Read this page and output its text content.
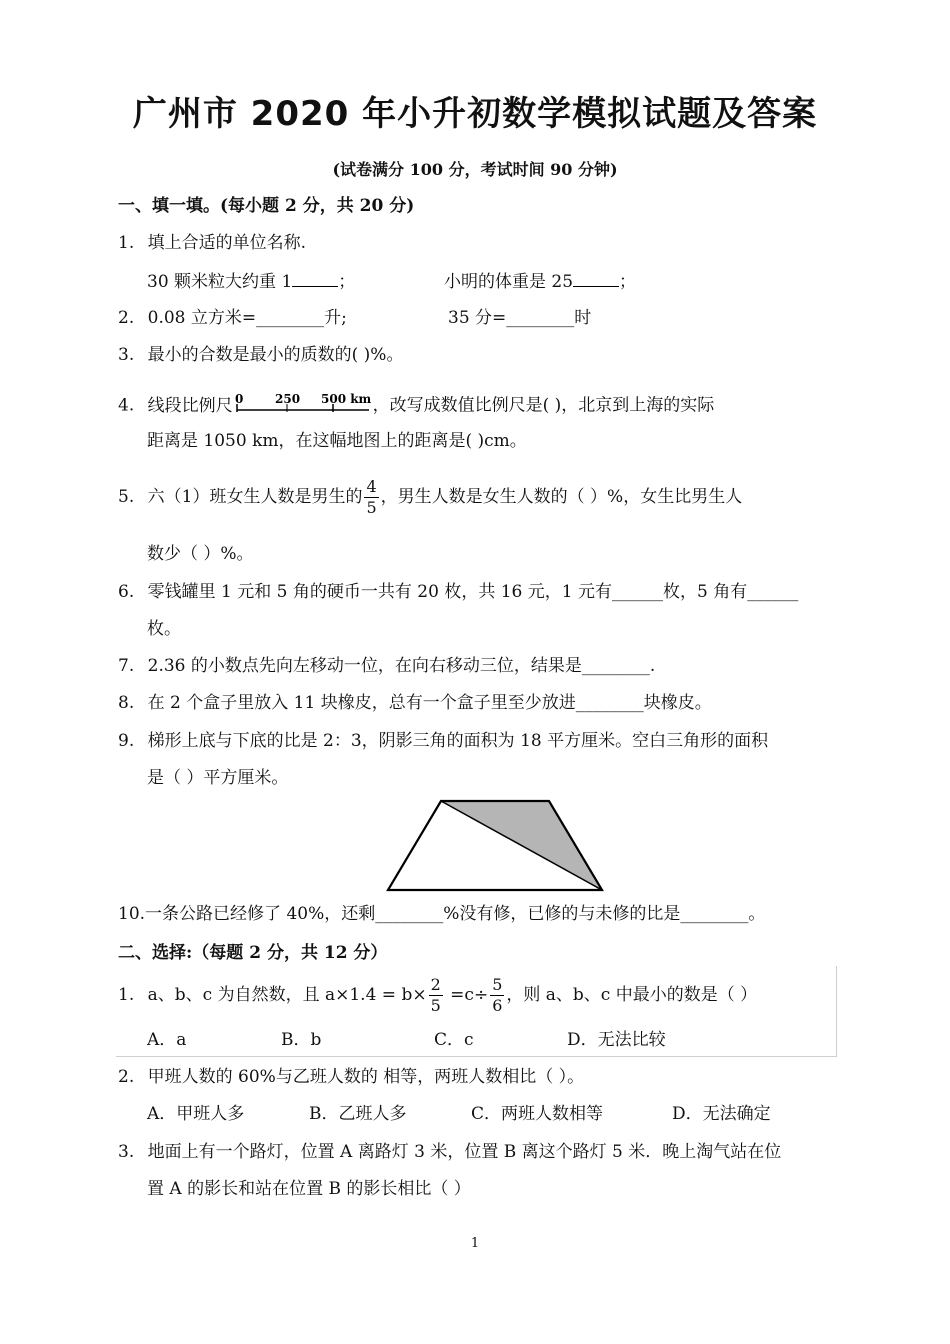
广州市 2020 年小升初数学模拟试题及答案
(试卷满分 100 分，考试时间 90 分钟)
一、填一填。(每小题 2 分，共 20 分)
1. 填上合适的单位名称.
30 颗米粒大约重 1	；	小明的体重是 25	；
2. 0.08 立方米=________升;	35 分=________时
3. 最小的合数是最小的质数的( )%。
4. 线段比例尺 0	250 500 km ，改写成数值比例尺是( )，北京到上海的实际
距离是 1050 km，在这幅地图上的距离是( )cm。
5. 六（1）班女生人数是男生的 $\frac{4}{5}$ ，男生人数是女生人数的（ ）%，女生比男生人
数少（ ）%。
6. 零钱罐里 1 元和 5 角的硬币一共有 20 枚，共 16 元，1 元有______枚，5 角有______
枚。
7. 2.36 的小数点先向左移动一位，在向右移动三位，结果是________.
8. 在 2 个盒子里放入 11 块橡皮，总有一个盒子里至少放进________块橡皮。
9. 梯形上底与下底的比是 2：3，阴影三角的面积为 18 平方厘米。空白三角形的面积
是（ ）平方厘米。
10.一条公路已经修了 40%，还剩________%没有修，已修的与未修的比是________。
二、选择:（每题 2 分，共 12 分）
1. a、b、c 为自然数，且 $a\times 1.4 = b\times \frac{2}{5} =c\div \frac{5}{6}$ ，则 a、b、c 中最小的数是（ ）
A．a	B．b	C．c	D．无法比较
2. 甲班人数的 60%与乙班人数的 相等，两班人数相比（ ）。
A．甲班人多	B．乙班人多	C．两班人数相等	D．无法确定
3. 地面上有一个路灯，位置 A 离路灯 3 米，位置 B 离这个路灯 5 米．晚上淘气站在位
置 A 的影长和站在位置 B 的影长相比（ ）
1
